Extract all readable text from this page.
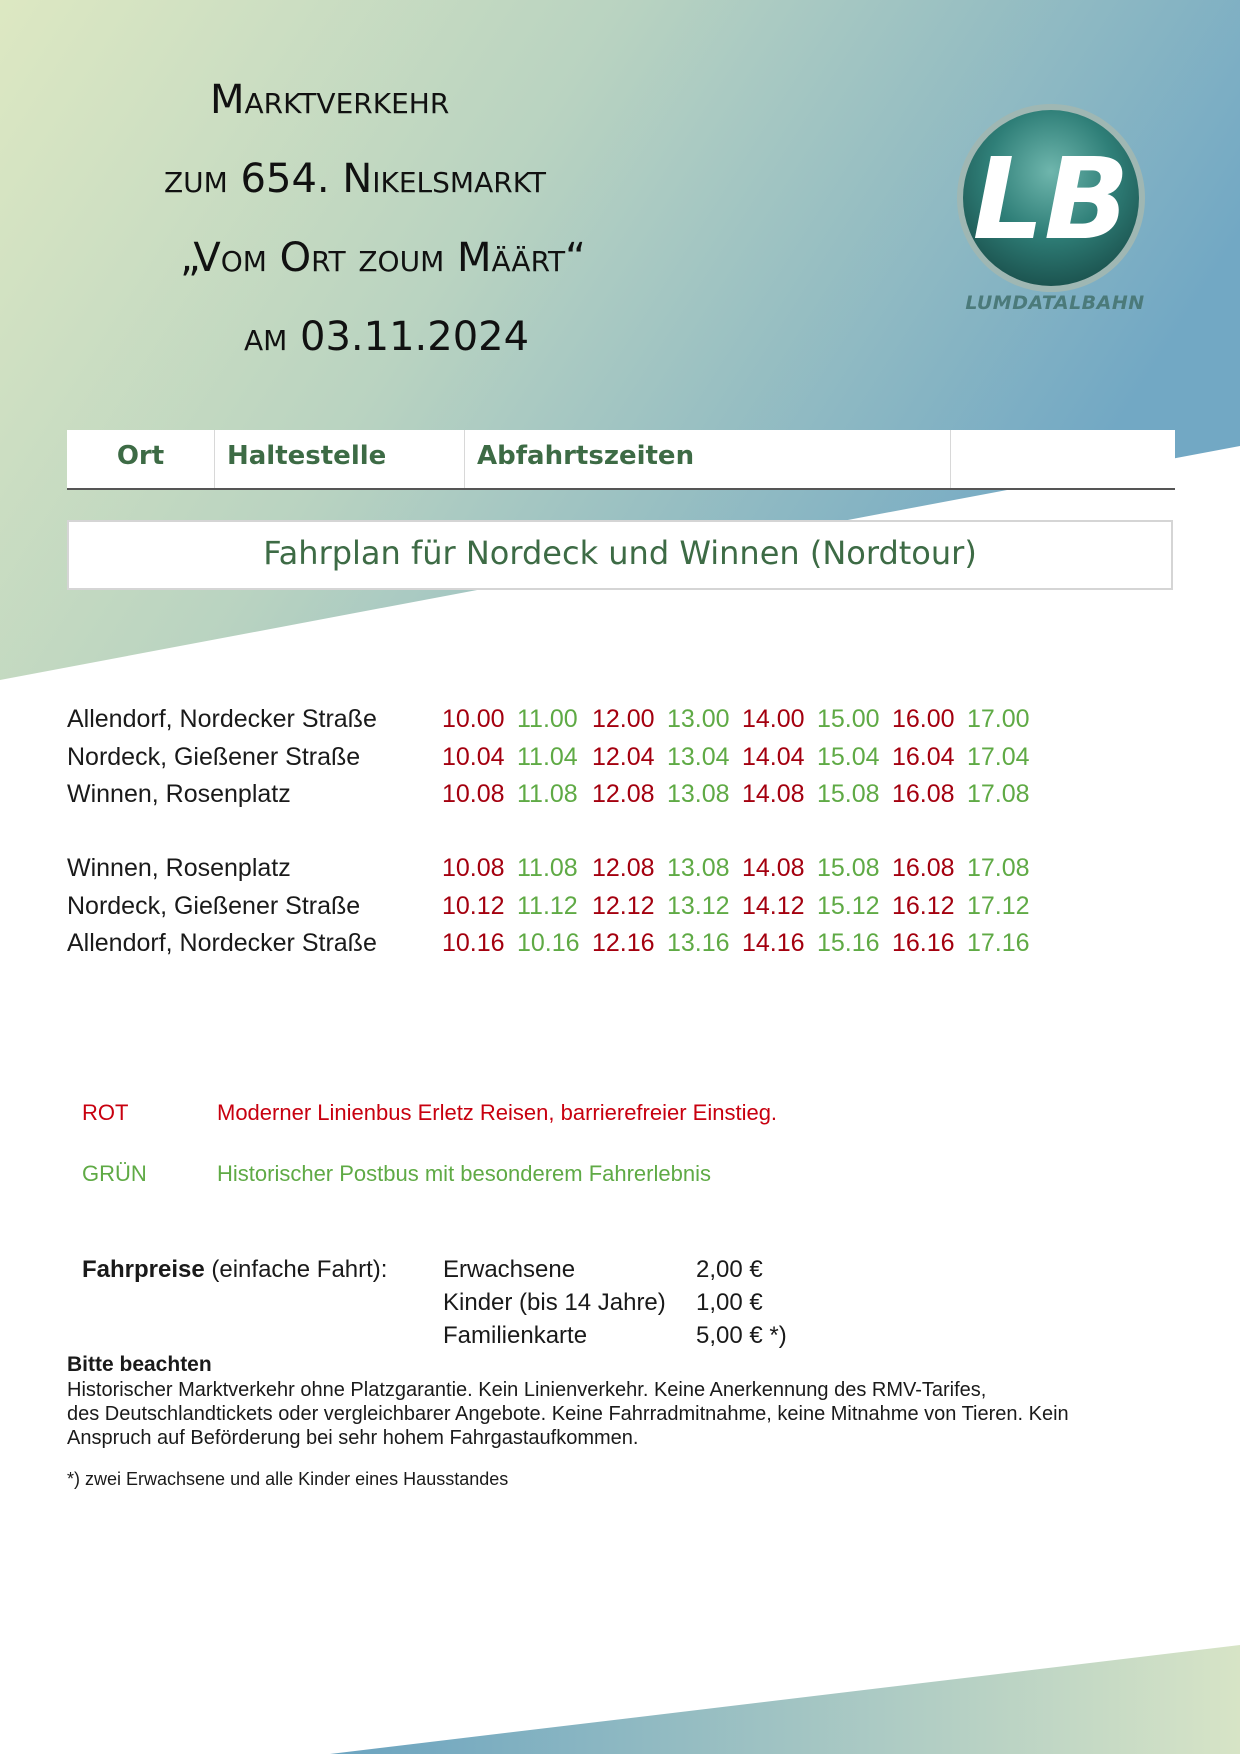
Marktverkehr
zum 654. Nikelsmarkt
„Vom Ort zoum Määrt“
am 03.11.2024
LB
LUMDATALBAHN
Ort	Haltestelle	Abfahrtszeiten
Fahrplan für Nordeck und Winnen (Nordtour)
Allendorf, Nordecker Straße	10.00 11.00 12.00 13.00 14.00 15.00 16.00 17.00
Nordeck, Gießener Straße	10.04 11.04 12.04 13.04 14.04 15.04 16.04 17.04
Winnen, Rosenplatz	10.08 11.08 12.08 13.08 14.08 15.08 16.08 17.08
Winnen, Rosenplatz	10.08 11.08 12.08 13.08 14.08 15.08 16.08 17.08
Nordeck, Gießener Straße	10.12 11.12 12.12 13.12 14.12 15.12 16.12 17.12
Allendorf, Nordecker Straße	10.16 10.16 12.16 13.16 14.16 15.16 16.16 17.16
ROT	Moderner Linienbus Erletz Reisen, barrierefreier Einstieg.
GRÜN	Historischer Postbus mit besonderem Fahrerlebnis
Fahrpreise (einfache Fahrt):	Erwachsene	2,00 €
Kinder (bis 14 Jahre)	1,00 €
Familienkarte	5,00 € *)
Bitte beachten
Historischer Marktverkehr ohne Platzgarantie. Kein Linienverkehr. Keine Anerkennung des RMV-Tarifes,
des Deutschlandtickets oder vergleichbarer Angebote. Keine Fahrradmitnahme, keine Mitnahme von Tieren. Kein
Anspruch auf Beförderung bei sehr hohem Fahrgastaufkommen.
*) zwei Erwachsene und alle Kinder eines Hausstandes
